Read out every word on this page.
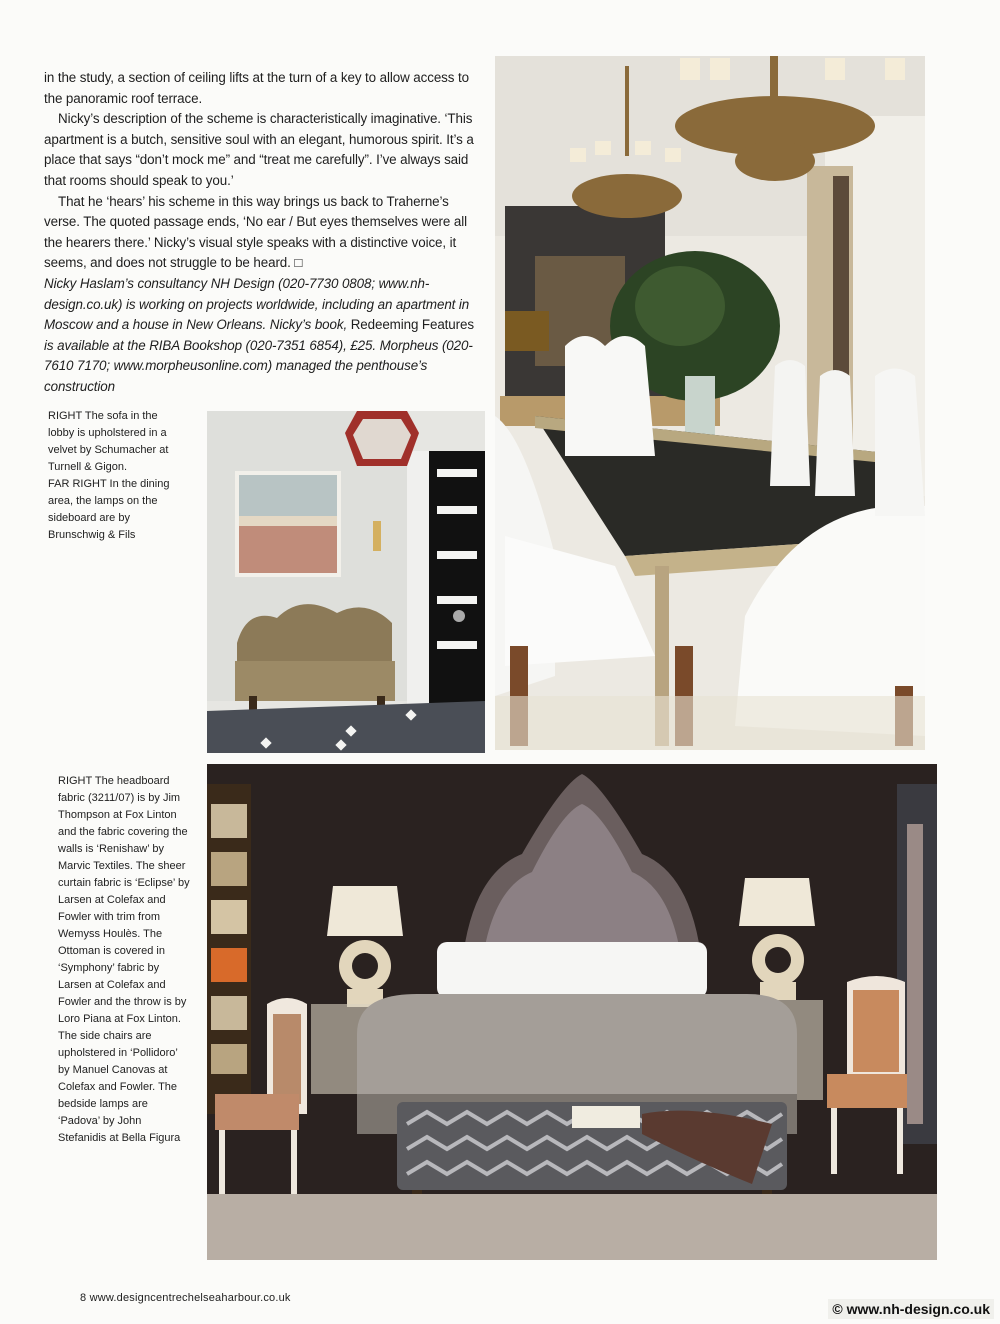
in the study, a section of ceiling lifts at the turn of a key to allow access to the panoramic roof terrace.

Nicky’s description of the scheme is characteristically imaginative. ‘This apartment is a butch, sensitive soul with an elegant, humorous spirit. It’s a place that says “don’t mock me” and “treat me carefully”. I’ve always said that rooms should speak to you.’

That he ‘hears’ his scheme in this way brings us back to Traherne’s verse. The quoted passage ends, ‘No ear / But eyes themselves were all the hearers there.’ Nicky’s visual style speaks with a distinctive voice, it seems, and does not struggle to be heard. □

Nicky Haslam’s consultancy NH Design (020-7730 0808; www.nh-design.co.uk) is working on projects worldwide, including an apartment in Moscow and a house in New Orleans. Nicky’s book, Redeeming Features is available at the RIBA Bookshop (020-7351 6854), £25. Morpheus (020-7610 7170; www.morpheusonline.com) managed the penthouse’s construction

RIGHT The sofa in the lobby is upholstered in a velvet by Schumacher at Turnell & Gigon.
FAR RIGHT In the dining area, the lamps on the sideboard are by Brunschwig & Fils
RIGHT The headboard fabric (3211/07) is by Jim Thompson at Fox Linton and the fabric covering the walls is ‘Renishaw’ by Marvic Textiles. The sheer curtain fabric is ‘Eclipse’ by Larsen at Colefax and Fowler with trim from Wemyss Houlès. The Ottoman is covered in ‘Symphony’ fabric by Larsen at Colefax and Fowler and the throw is by Loro Piana at Fox Linton. The side chairs are upholstered in ‘Pollidoro’ by Manuel Canovas at Colefax and Fowler. The bedside lamps are ‘Padova’ by John Stefanidis at Bella Figura
8 www.designcentrechelseaharbour.co.uk
© www.nh-design.co.uk
